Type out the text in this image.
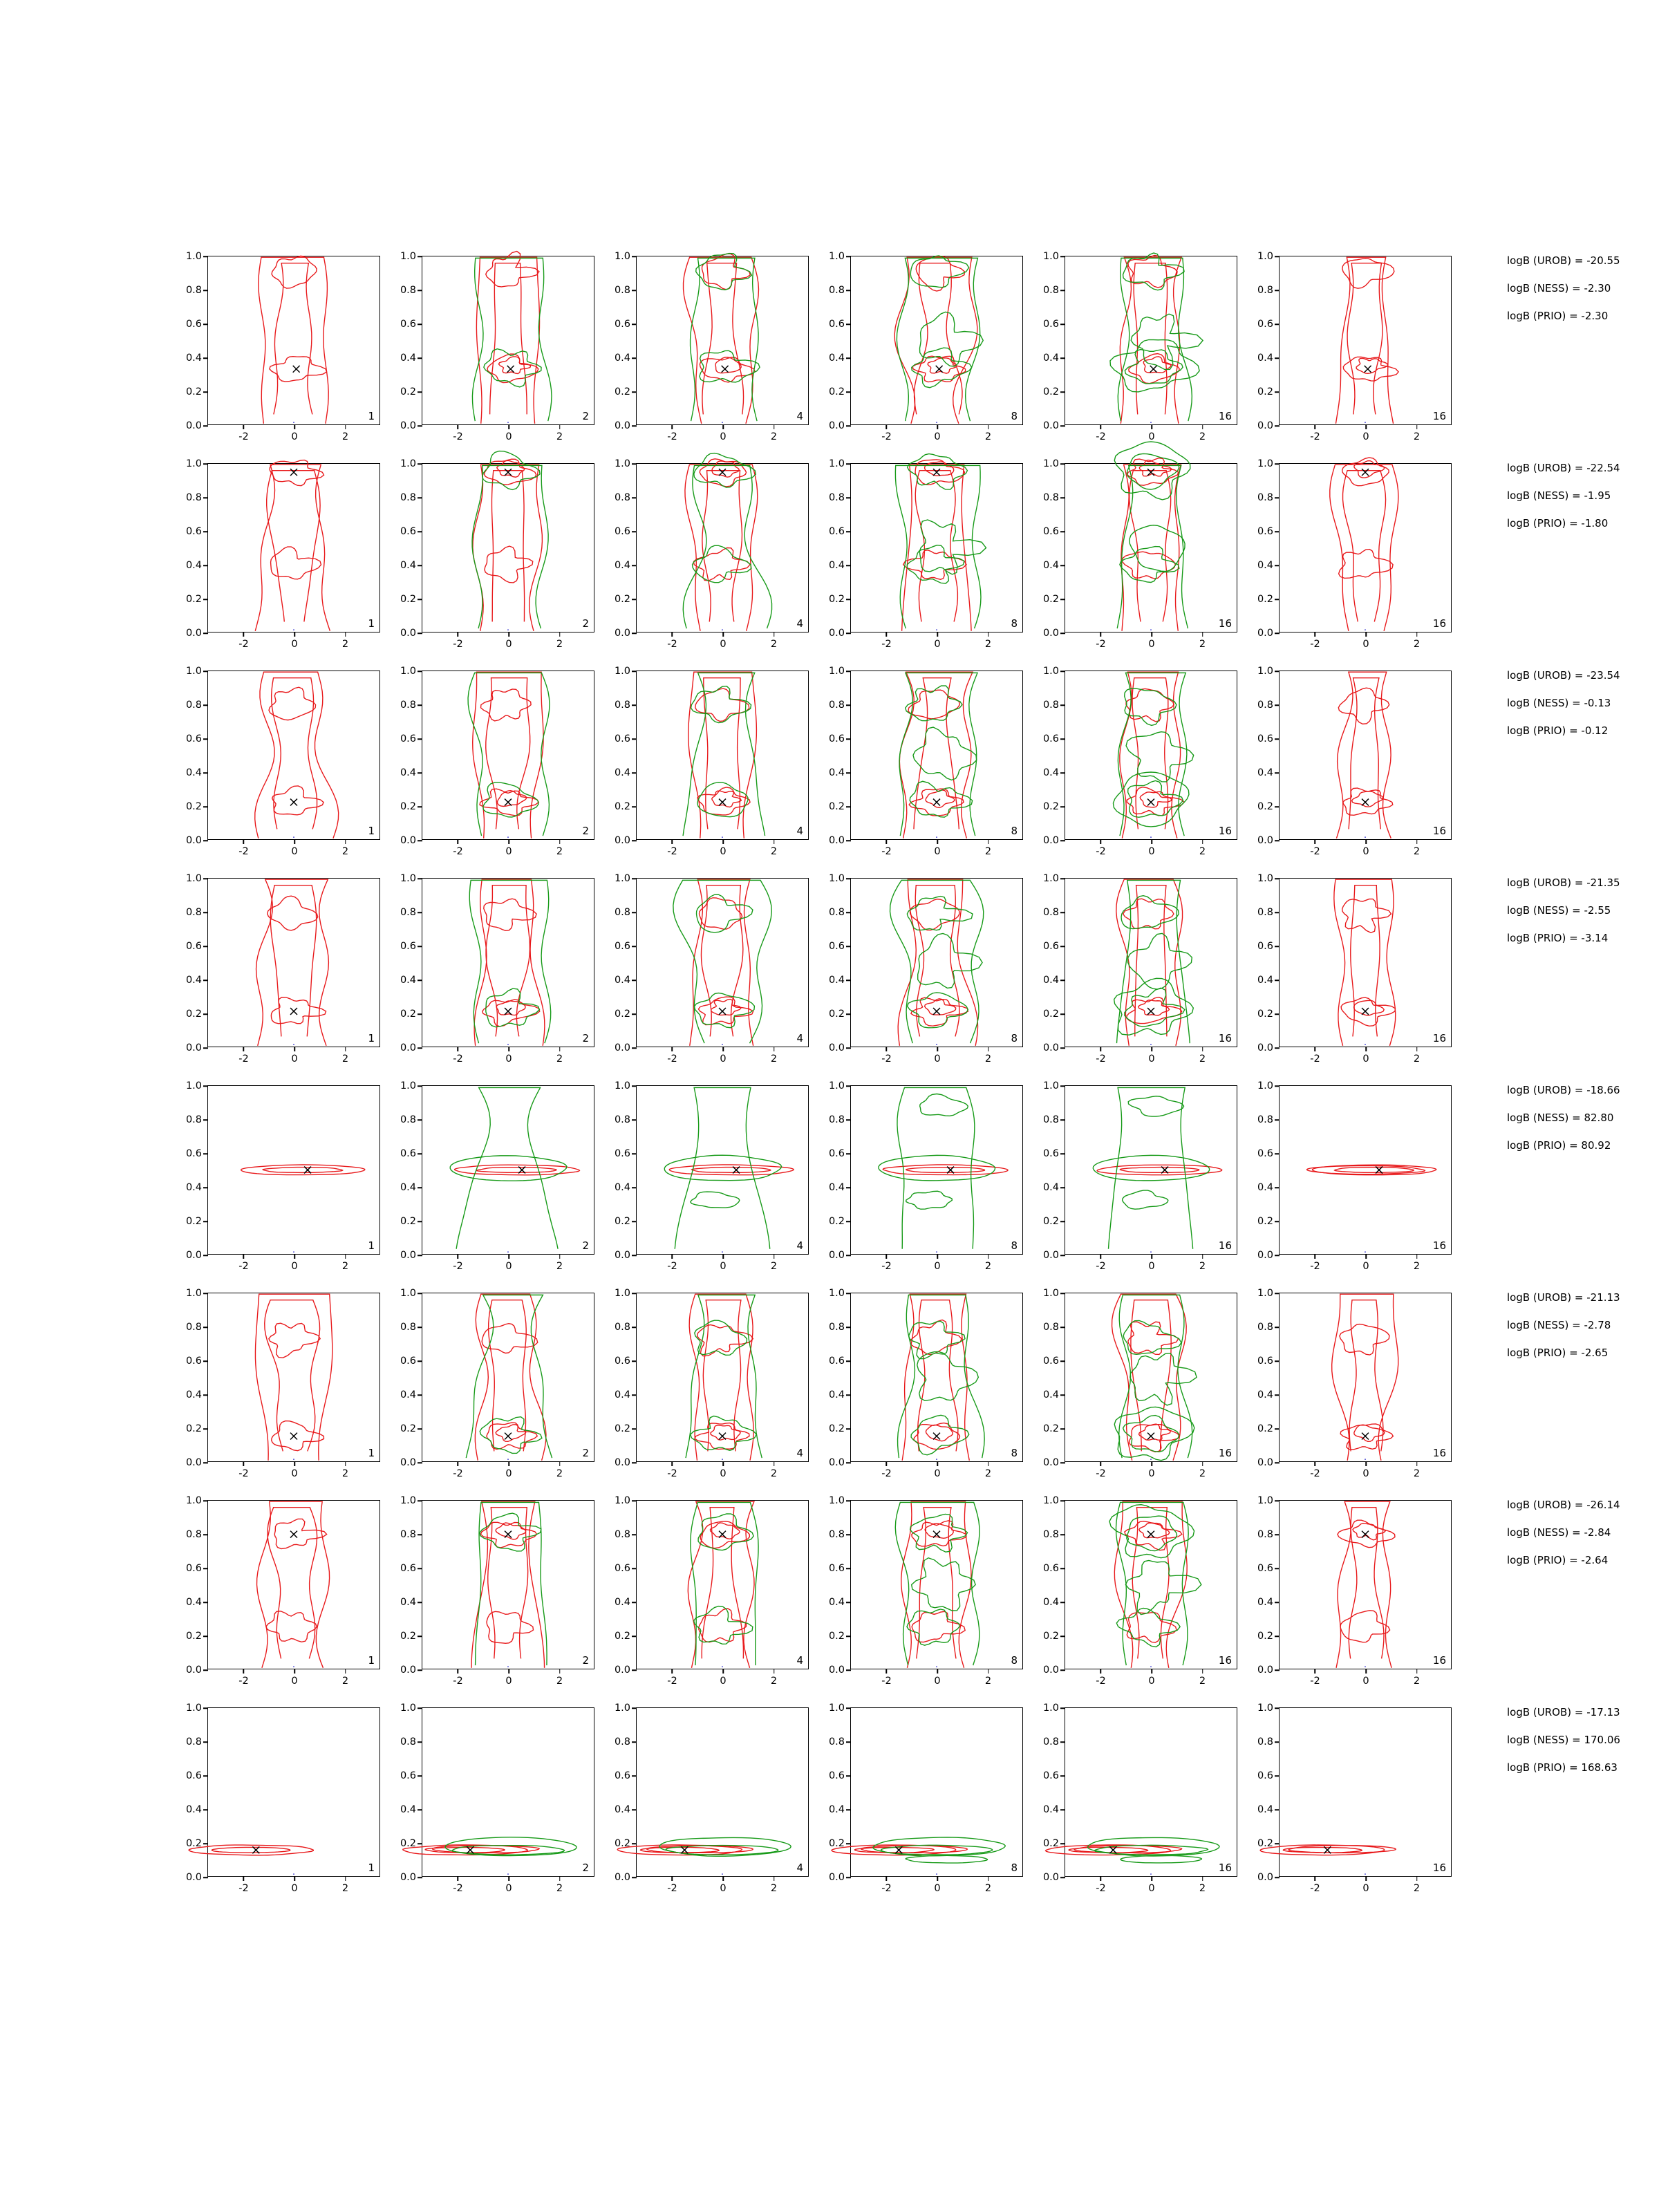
0.0
0.2
0.4
0.6
0.8
1.0
-2	0	2
1
0.0
0.2
0.4
0.6
0.8
1.0
-2	0	2
2
0.0
0.2
0.4
0.6
0.8
1.0
-2	0	2
4
0.0
0.2
0.4
0.6
0.8
1.0
-2	0	2
8
0.0
0.2
0.4
0.6
0.8
1.0
-2	0	2
16
0.0
0.2
0.4
0.6
0.8
1.0
-2	0	2
16
0.0
0.2
0.4
0.6
0.8
1.0
-2	0	2
1
0.0
0.2
0.4
0.6
0.8
1.0
-2	0	2
2
0.0
0.2
0.4
0.6
0.8
1.0
-2	0	2
4
0.0
0.2
0.4
0.6
0.8
1.0
-2	0	2
8
0.0
0.2
0.4
0.6
0.8
1.0
-2	0	2
16
0.0
0.2
0.4
0.6
0.8
1.0
-2	0	2
16
0.0
0.2
0.4
0.6
0.8
1.0
-2	0	2
1
0.0
0.2
0.4
0.6
0.8
1.0
-2	0	2
2
0.0
0.2
0.4
0.6
0.8
1.0
-2	0	2
4
0.0
0.2
0.4
0.6
0.8
1.0
-2	0	2
8
0.0
0.2
0.4
0.6
0.8
1.0
-2	0	2
16
0.0
0.2
0.4
0.6
0.8
1.0
-2	0	2
16
0.0
0.2
0.4
0.6
0.8
1.0
-2	0	2
1
0.0
0.2
0.4
0.6
0.8
1.0
-2	0	2
2
0.0
0.2
0.4
0.6
0.8
1.0
-2	0	2
4
0.0
0.2
0.4
0.6
0.8
1.0
-2	0	2
8
0.0
0.2
0.4
0.6
0.8
1.0
-2	0	2
16
0.0
0.2
0.4
0.6
0.8
1.0
-2	0	2
16
0.0
0.2
0.4
0.6
0.8
1.0
-2	0	2
1
0.0
0.2
0.4
0.6
0.8
1.0
-2	0	2
2
0.0
0.2
0.4
0.6
0.8
1.0
-2	0	2
4
0.0
0.2
0.4
0.6
0.8
1.0
-2	0	2
8
0.0
0.2
0.4
0.6
0.8
1.0
-2	0	2
16
0.0
0.2
0.4
0.6
0.8
1.0
-2	0	2
16
0.0
0.2
0.4
0.6
0.8
1.0
-2	0	2
1
0.0
0.2
0.4
0.6
0.8
1.0
-2	0	2
2
0.0
0.2
0.4
0.6
0.8
1.0
-2	0	2
4
0.0
0.2
0.4
0.6
0.8
1.0
-2	0	2
8
0.0
0.2
0.4
0.6
0.8
1.0
-2	0	2
16
0.0
0.2
0.4
0.6
0.8
1.0
-2	0	2
16
0.0
0.2
0.4
0.6
0.8
1.0
-2	0	2
1
0.0
0.2
0.4
0.6
0.8
1.0
-2	0	2
2
0.0
0.2
0.4
0.6
0.8
1.0
-2	0	2
4
0.0
0.2
0.4
0.6
0.8
1.0
-2	0	2
8
0.0
0.2
0.4
0.6
0.8
1.0
-2	0	2
16
0.0
0.2
0.4
0.6
0.8
1.0
-2	0	2
16
0.0
0.2
0.4
0.6
0.8
1.0
-2	0	2
1
0.0
0.2
0.4
0.6
0.8
1.0
-2	0	2
2
0.0
0.2
0.4
0.6
0.8
1.0
-2	0	2
4
0.0
0.2
0.4
0.6
0.8
1.0
-2	0	2
8
0.0
0.2
0.4
0.6
0.8
1.0
-2	0	2
16
0.0
0.2
0.4
0.6
0.8
1.0
-2	0	2
16
logB (UROB) = -20.55
logB (NESS) = -2.30
logB (PRIO) = -2.30
logB (UROB) = -22.54
logB (NESS) = -1.95
logB (PRIO) = -1.80
logB (UROB) = -23.54
logB (NESS) = -0.13
logB (PRIO) = -0.12
logB (UROB) = -21.35
logB (NESS) = -2.55
logB (PRIO) = -3.14
logB (UROB) = -18.66
logB (NESS) = 82.80
logB (PRIO) = 80.92
logB (UROB) = -21.13
logB (NESS) = -2.78
logB (PRIO) = -2.65
logB (UROB) = -26.14
logB (NESS) = -2.84
logB (PRIO) = -2.64
logB (UROB) = -17.13
logB (NESS) = 170.06
logB (PRIO) = 168.63
